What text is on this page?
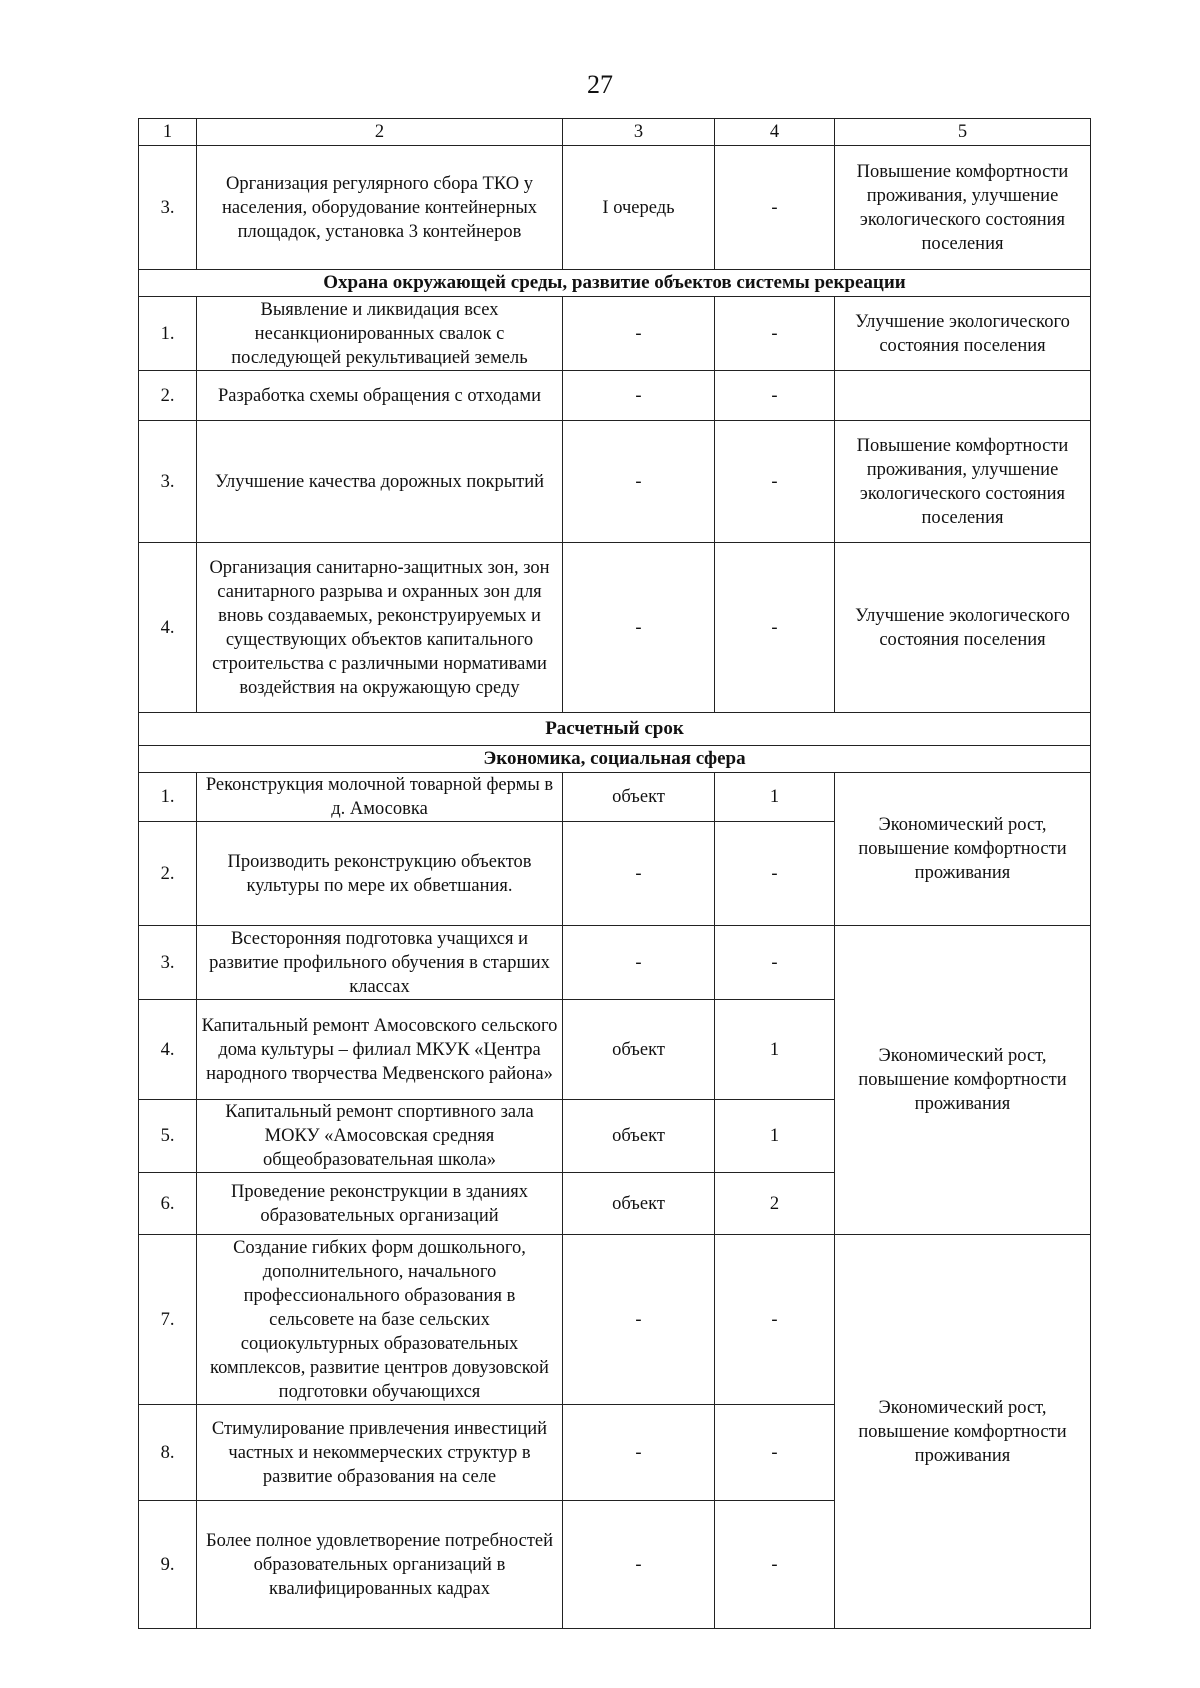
27
1	2	3	4	5
3.	Организация регулярного сбора ТКО у населения, оборудование контейнерных площадок, установка 3 контейнеров	I очередь	-	Повышение комфортности проживания, улучшение экологического состояния поселения
Охрана окружающей среды, развитие объектов системы рекреации				
1.	Выявление и ликвидация всех несанкционированных свалок с последующей рекультивацией земель	-	-	Улучшение экологического состояния поселения
2.	Разработка схемы обращения с отходами	-	-	
3.	Улучшение качества дорожных покрытий	-	-	Повышение комфортности проживания, улучшение экологического состояния поселения
4.	Организация санитарно-защитных зон, зон санитарного разрыва и охранных зон для вновь создаваемых, реконструируемых и существующих объектов капитального строительства с различными нормативами воздействия на окружающую среду	-	-	Улучшение экологического состояния поселения
Расчетный срок				
Экономика, социальная сфера				
1.	Реконструкция молочной товарной фермы в д. Амосовка	объект	1	Экономический рост, повышение комфортности проживания
2.	Производить реконструкцию объектов культуры по мере их обветшания.	-	-	
3.	Всесторонняя подготовка учащихся и развитие профильного обучения в старших классах	-	-	Экономический рост, повышение комфортности проживания
4.	Капитальный ремонт Амосовского сельского дома культуры – филиал МКУК «Центра народного творчества Медвенского района»	объект	1	
5.	Капитальный ремонт спортивного зала МОКУ «Амосовская средняя общеобразовательная школа»	объект	1	
6.	Проведение реконструкции в зданиях образовательных организаций	объект	2	
7.	Создание гибких форм дошкольного, дополнительного, начального профессионального образования в сельсовете на базе сельских социокультурных образовательных комплексов, развитие центров довузовской подготовки обучающихся	-	-	Экономический рост, повышение комфортности проживания
8.	Стимулирование привлечения инвестиций частных и некоммерческих структур в развитие образования на селе	-	-	
9.	Более полное удовлетворение потребностей образовательных организаций в квалифицированных кадрах	-	-	
